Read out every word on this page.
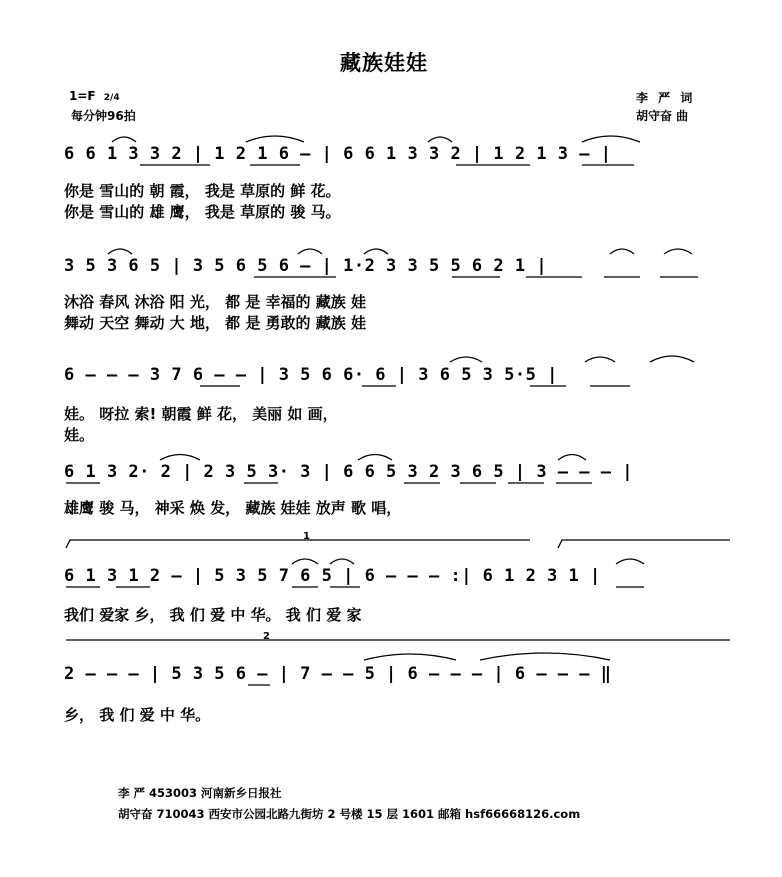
藏族娃娃
1=F 2/4
每分钟96拍
李 严 词
胡守奋 曲
6 6 1 3 3 2 | 1 2 1 6 — | 6 6 1 3 3 2 | 1 2 1 3 — |
你是 雪山的 朝 霞， 我是 草原的 鲜 花。
你是 雪山的 雄 鹰， 我是 草原的 骏 马。
3 5 3 6 5 | 3 5 6 5 6 — | 1·2 3 3 5 5 6 2 1 |
沐浴 春风 沐浴 阳 光， 都 是 幸福的 藏族 娃
舞动 天空 舞动 大 地， 都 是 勇敢的 藏族 娃
6 — — — 3 7 6 — — | 3 5 6 6· 6 | 3 6 5 3 5·5 |
娃。 呀拉 索! 朝霞 鲜 花， 美丽 如 画，
娃。
6 1 3 2· 2 | 2 3 5 3· 3 | 6 6 5 3 2 3 6 5 | 3 — — — |
雄鹰 骏 马， 神采 焕 发， 藏族 娃娃 放声 歌 唱，
6 1 3 1 2 — | 5 3 5 7 6 5 | 6 — — — :| 6 1 2 3 1 |
我们 爱家 乡， 我 们 爱 中 华。 我 们 爱 家
1
2
2 — — — | 5 3 5 6 — | 7 — — 5 | 6 — — — | 6 — — — ‖
乡， 我 们 爱 中 华。
李 严 453003 河南新乡日报社
胡守奋 710043 西安市公园北路九街坊 2 号楼 15 层 1601 邮箱 hsf66668126.com
